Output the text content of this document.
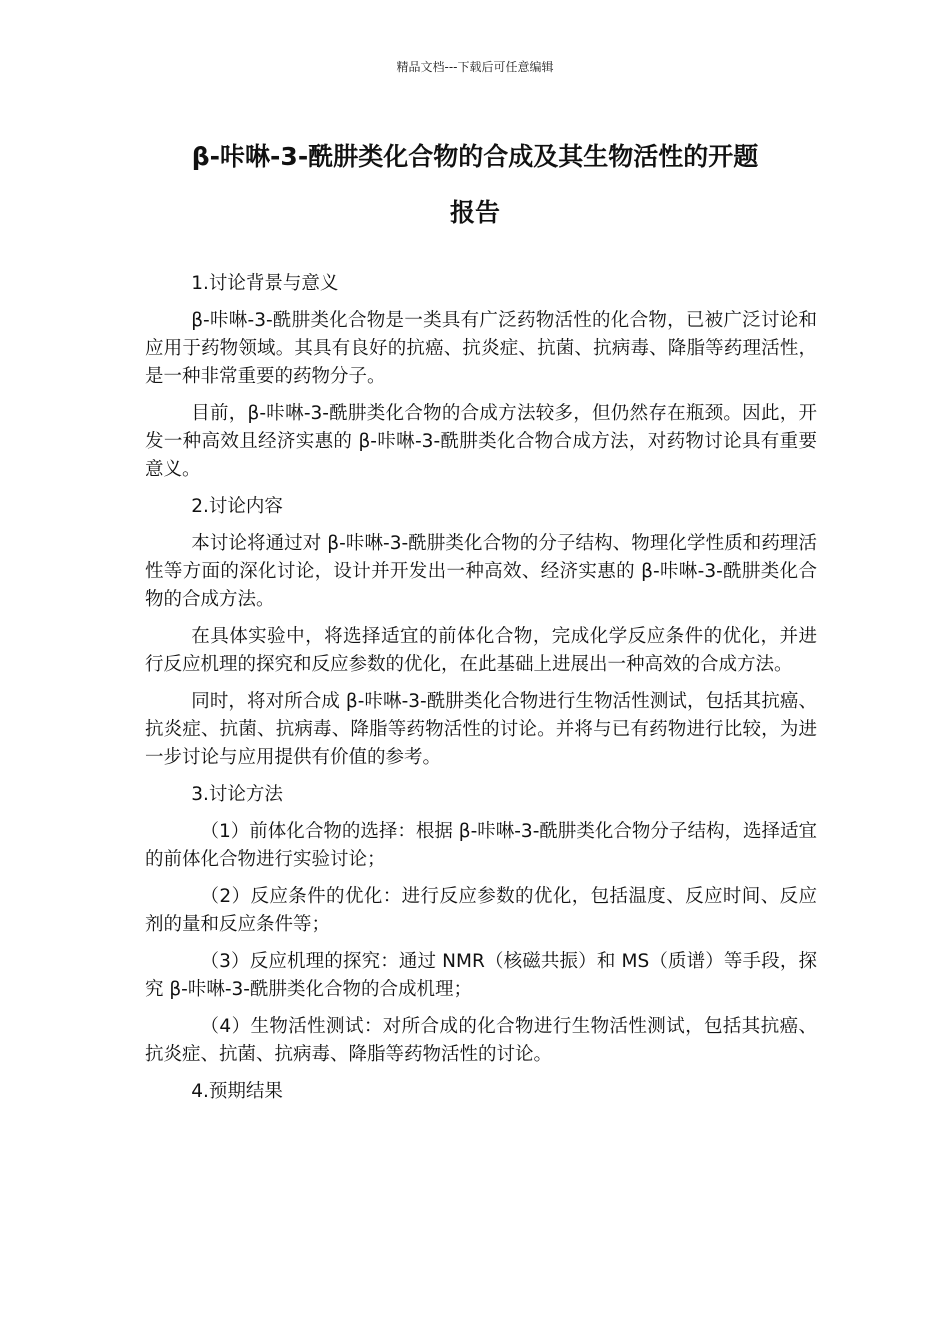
精品文档---下载后可任意编辑
β-咔啉-3-酰肼类化合物的合成及其生物活性的开题
报告

1.讨论背景与意义

β-咔啉-3-酰肼类化合物是一类具有广泛药物活性的化合物，已被广泛讨论和应用于药物领域。其具有良好的抗癌、抗炎症、抗菌、抗病毒、降脂等药理活性，是一种非常重要的药物分子。

目前，β-咔啉-3-酰肼类化合物的合成方法较多，但仍然存在瓶颈。因此，开发一种高效且经济实惠的 β-咔啉-3-酰肼类化合物合成方法，对药物讨论具有重要意义。

2.讨论内容

本讨论将通过对 β-咔啉-3-酰肼类化合物的分子结构、物理化学性质和药理活性等方面的深化讨论，设计并开发出一种高效、经济实惠的 β-咔啉-3-酰肼类化合物的合成方法。

在具体实验中，将选择适宜的前体化合物，完成化学反应条件的优化，并进行反应机理的探究和反应参数的优化，在此基础上进展出一种高效的合成方法。

同时，将对所合成 β-咔啉-3-酰肼类化合物进行生物活性测试，包括其抗癌、抗炎症、抗菌、抗病毒、降脂等药物活性的讨论。并将与已有药物进行比较，为进一步讨论与应用提供有价值的参考。

3.讨论方法

（1）前体化合物的选择：根据 β-咔啉-3-酰肼类化合物分子结构，选择适宜的前体化合物进行实验讨论；

（2）反应条件的优化：进行反应参数的优化，包括温度、反应时间、反应剂的量和反应条件等；

（3）反应机理的探究：通过 NMR（核磁共振）和 MS（质谱）等手段，探究 β-咔啉-3-酰肼类化合物的合成机理；

（4）生物活性测试：对所合成的化合物进行生物活性测试，包括其抗癌、抗炎症、抗菌、抗病毒、降脂等药物活性的讨论。

4.预期结果
